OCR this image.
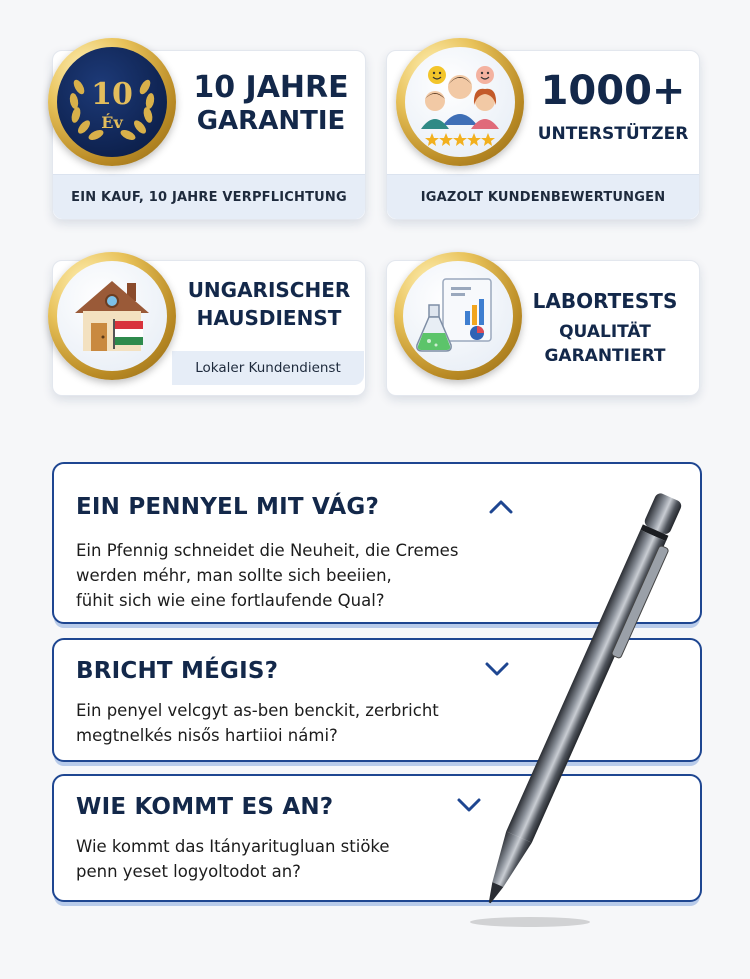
EIN KAUF, 10 JAHRE VERPFLICHTUNG
10
Év
10 JAHRE
GARANTIE
IGAZOLT KUNDENBEWERTUNGEN
1000+
UNTERSTÜTZER
Lokaler Kundendienst
UNGARISCHER
HAUSDIENST
LABORTESTS
QUALITÄT
GARANTIERT
EIN PENNYEL MIT VÁG?

Ein Pfennig schneidet die Neuheit, die Cremes

werden méhr, man sollte sich beeiien,

fühit sich wie eine fortlaufende Qual?

BRICHT MÉGIS?

Ein penyel velcgyt as-ben benckit, zerbricht

megtnelkés nisős hartiioi námi?

WIE KOMMT ES AN?

Wie kommt das Itányaritugluan stiöke

penn yeset logyoltodot an?
